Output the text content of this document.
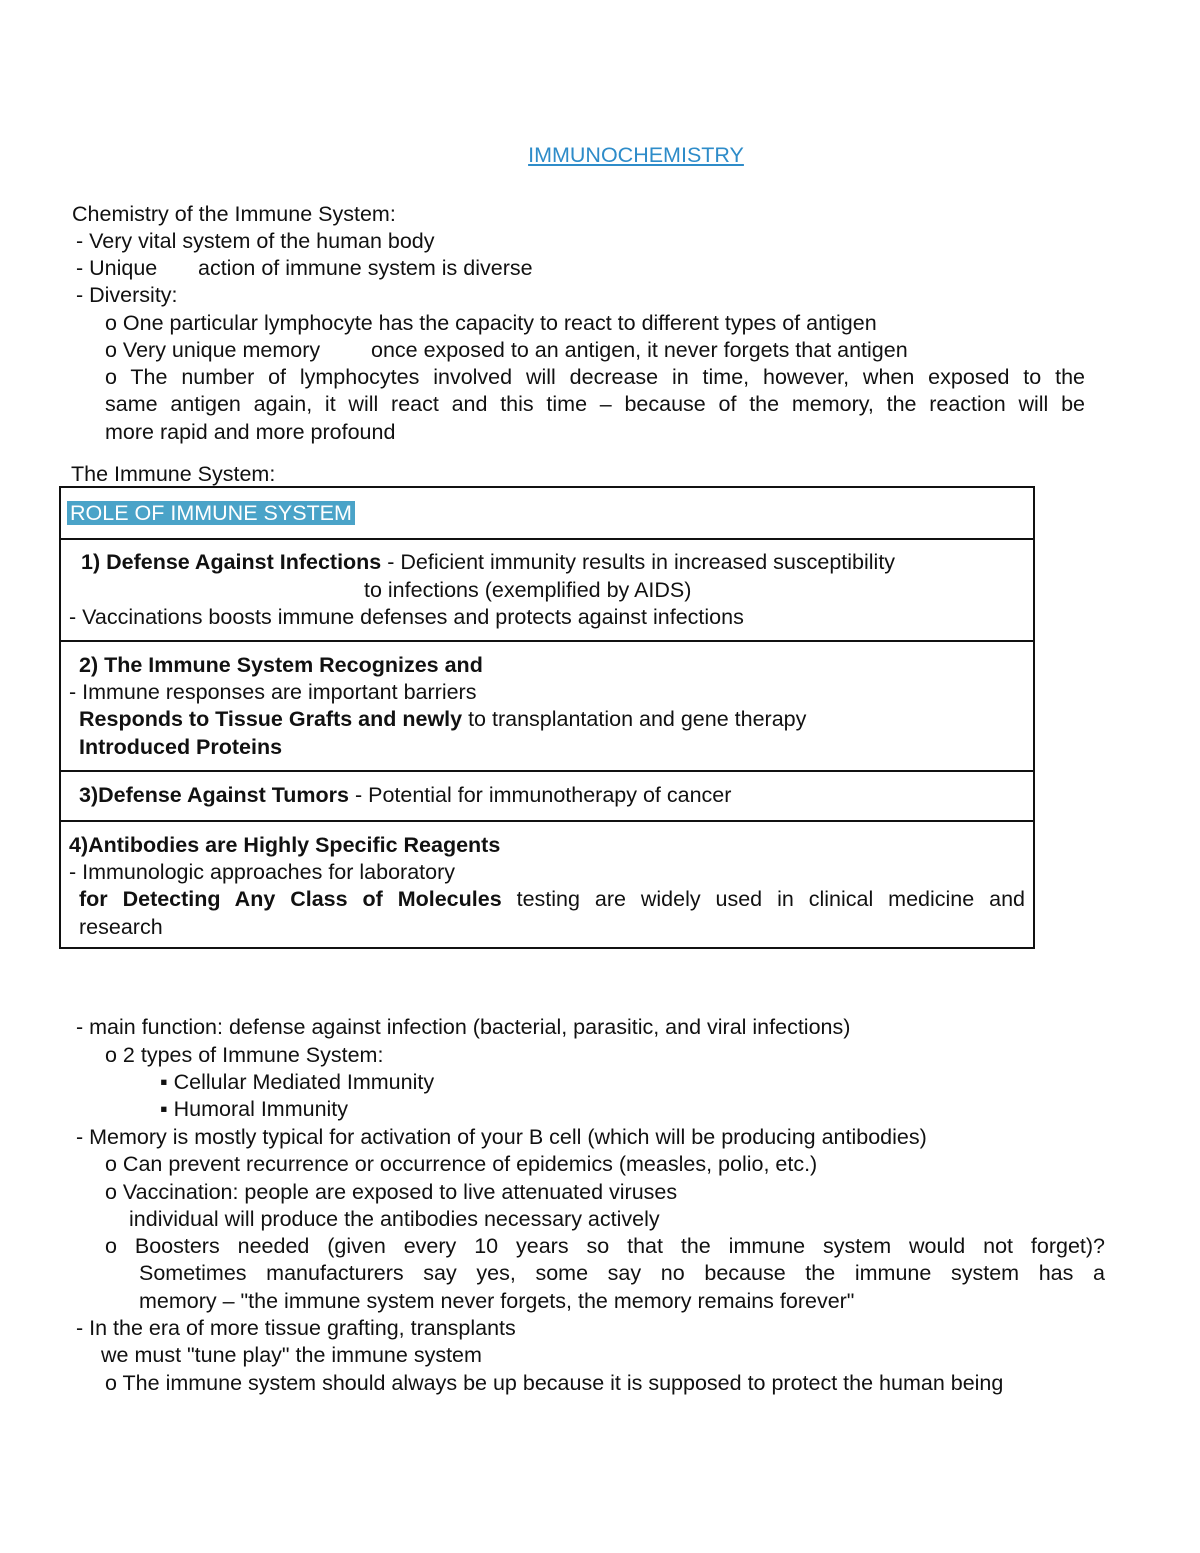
IMMUNOCHEMISTRY
Chemistry of the Immune System:
- Very vital system of the human body
- Unique action of immune system is diverse
- Diversity:
o One particular lymphocyte has the capacity to react to different types of antigen
o Very unique memory once exposed to an antigen, it never forgets that antigen
o The number of lymphocytes involved will decrease in time, however, when exposed to the
same antigen again, it will react and this time – because of the memory, the reaction will be
more rapid and more profound
The Immune System:
ROLE OF IMMUNE SYSTEM
1) Defense Against Infections - Deficient immunity results in increased susceptibility
to infections (exemplified by AIDS)
- Vaccinations boosts immune defenses and protects against infections
2) The Immune System Recognizes and
- Immune responses are important barriers
Responds to Tissue Grafts and newly to transplantation and gene therapy
Introduced Proteins
3)Defense Against Tumors - Potential for immunotherapy of cancer
4)Antibodies are Highly Specific Reagents
- Immunologic approaches for laboratory
for Detecting Any Class of Molecules testing are widely used in clinical medicine and
research
- main function: defense against infection (bacterial, parasitic, and viral infections)
o 2 types of Immune System:
▪ Cellular Mediated Immunity
▪ Humoral Immunity
- Memory is mostly typical for activation of your B cell (which will be producing antibodies)
o Can prevent recurrence or occurrence of epidemics (measles, polio, etc.)
o Vaccination: people are exposed to live attenuated viruses
individual will produce the antibodies necessary actively
o Boosters needed (given every 10 years so that the immune system would not forget)?
Sometimes manufacturers say yes, some say no because the immune system has a
memory – "the immune system never forgets, the memory remains forever"
- In the era of more tissue grafting, transplants
we must "tune play" the immune system
o The immune system should always be up because it is supposed to protect the human being
